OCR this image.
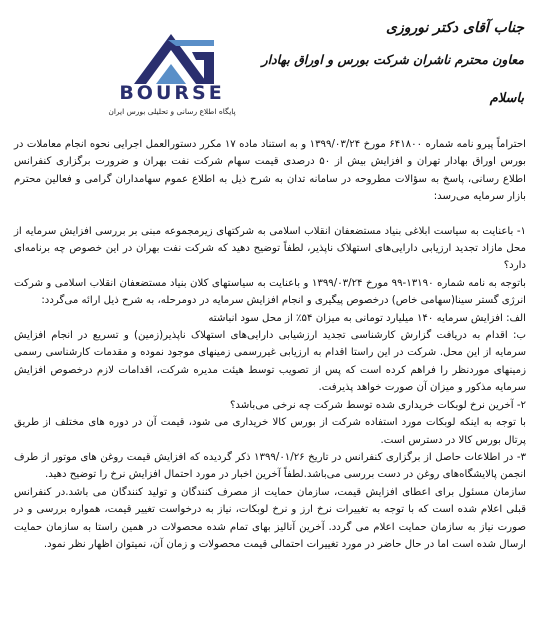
BOURSE
پایگاه اطلاع رسانی و تحلیلی بورس ایران
جناب آقای دکتر نوروزی
معاون محترم ناشران شرکت بورس و اوراق بهادار
باسلام

احتراماً پیرو نامه شماره ۶۴۱۸۰۰ مورخ ۱۳۹۹/۰۳/۲۴ و به استناد ماده ۱۷ مکرر دستورالعمل اجرایی نحوه انجام معاملات در بورس اوراق بهادار تهران و افزایش بیش از ۵۰ درصدی قیمت سهام شرکت نفت بهران و ضرورت برگزاری کنفرانس اطلاع رسانی، پاسخ به سؤالات مطروحه در سامانه تدان به شرح ذیل به اطلاع عموم سهامداران گرامی و فعالین محترم بازار سرمایه می‌رسد:

۱- باعنایت به سیاست ابلاغی بنیاد مستضعفان انقلاب اسلامی به شرکتهای زیرمجموعه مبنی بر بررسی افزایش سرمایه از محل مازاد تجدید ارزیابی دارایی‌های استهلاک ناپذیر، لطفاً توضیح دهید که شرکت نفت بهران در این خصوص چه برنامه‌ای دارد؟

باتوجه به نامه شماره ۱۳۱۹۰-۹۹ مورخ ۱۳۹۹/۰۳/۲۴ و باعنایت به سیاستهای کلان بنیاد مستضعفان انقلاب اسلامی و شرکت انرژی گستر سینا(سهامی خاص) درخصوص پیگیری و انجام افزایش سرمایه در دومرحله، به شرح ذیل ارائه می‌گردد:

الف: افزایش سرمایه ۱۴۰ میلیارد تومانی به میزان ۵۴٪ از محل سود انباشته

ب: اقدام به دریافت گزارش کارشناسی تجدید ارزشیابی دارایی‌های استهلاک ناپذیر(زمین) و تسریع در انجام افزایش سرمایه از این محل. شرکت در این راستا اقدام به ارزیابی غیررسمی زمینهای موجود نموده و مقدمات کارشناسی رسمی زمینهای موردنظر را فراهم کرده است که پس از تصویب توسط هیئت مدیره شرکت، اقدامات لازم درخصوص افزایش سرمایه مذکور و میزان آن صورت خواهد پذیرفت.

۲- آخرین نرخ لوبکات خریداری شده توسط شرکت چه نرخی می‌باشد؟

با توجه به اینکه لوبکات مورد استفاده شرکت از بورس کالا خریداری می شود، قیمت آن در دوره های مختلف از طریق پرتال بورس کالا در دسترس است.

۳- در اطلاعات حاصل از برگزاری کنفرانس در تاریخ ۱۳۹۹/۰۱/۲۶ ذکر گردیده که افزایش قیمت روغن های موتور از طرف انجمن پالایشگاه‌های روغن در دست بررسی می‌باشد.لطفاً آخرین اخبار در مورد احتمال افزایش نرخ را توضیح دهید.

سازمان مسئول برای اعطای افزایش قیمت، سازمان حمایت از مصرف کنندگان و تولید کنندگان می باشد.در کنفرانس قبلی اعلام شده است که با توجه به تغییرات نرخ ارز و نرخ لوبکات، نیاز به درخواست تغییر قیمت، همواره بررسی و در صورت نیاز به سازمان حمایت اعلام می گردد. آخرین آنالیز بهای تمام شده محصولات در همین راستا به سازمان حمایت ارسال شده است اما در حال حاضر در مورد تغییرات احتمالی قیمت محصولات و زمان آن، نمیتوان اظهار نظر نمود.
